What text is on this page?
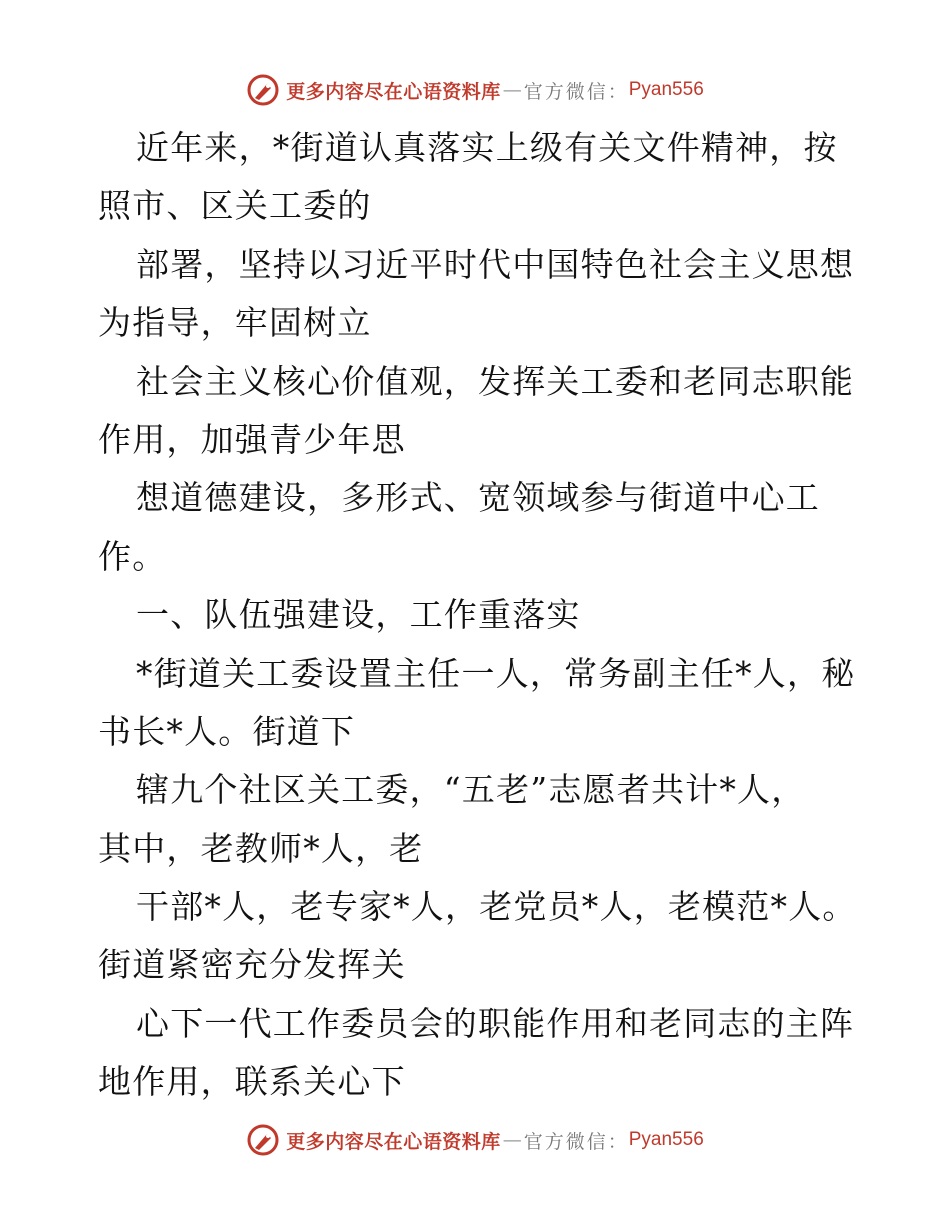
更多内容尽在心语资料库 — 官方微信： Pyan556
近年来，*街道认真落实上级有关文件精神，按
照市、区关工委的
部署，坚持以习近平时代中国特色社会主义思想
为指导，牢固树立
社会主义核心价值观，发挥关工委和老同志职能
作用，加强青少年思
想道德建设，多形式、宽领域参与街道中心工
作。
一、队伍强建设，工作重落实
*街道关工委设置主任一人，常务副主任*人，秘
书长*人。街道下
辖九个社区关工委，“五老”志愿者共计*人，
其中，老教师*人，老
干部*人，老专家*人，老党员*人，老模范*人。
街道紧密充分发挥关
心下一代工作委员会的职能作用和老同志的主阵
地作用，联系关心下
更多内容尽在心语资料库 — 官方微信： Pyan556
